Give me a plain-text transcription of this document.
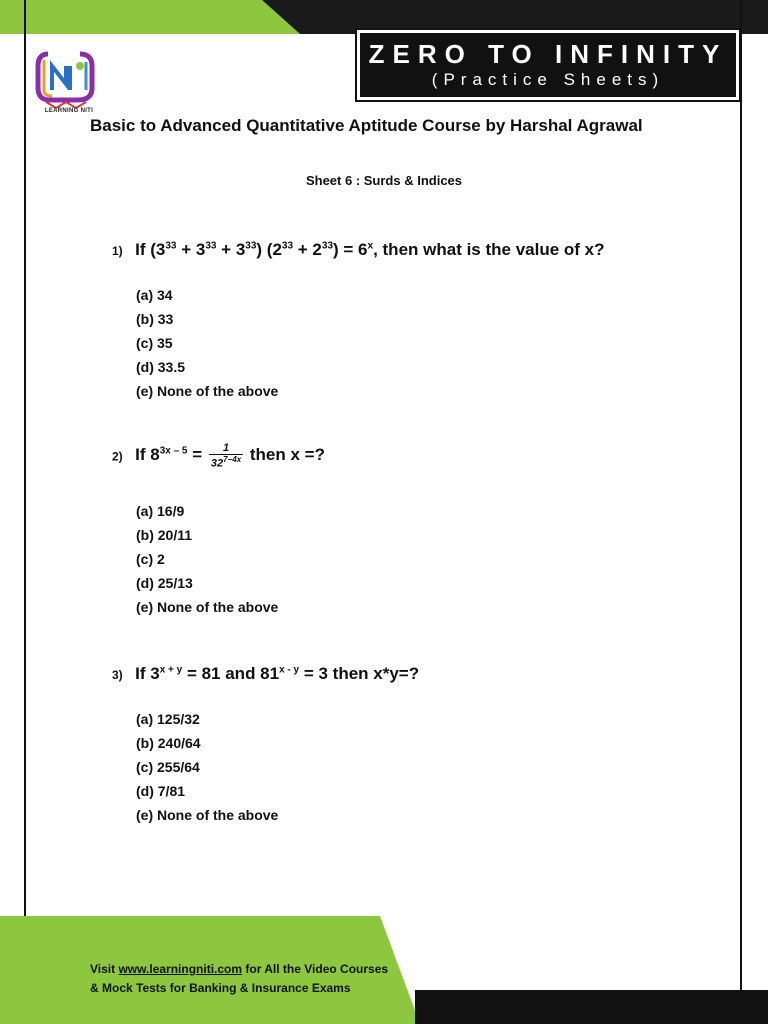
LEARNING NITI
ZERO TO INFINITY
(Practice Sheets)
Basic to Advanced Quantitative Aptitude Course by Harshal Agrawal
Sheet 6 : Surds & Indices
1) If $(3^{33} + 3^{33} + 3^{33}) (2^{33} + 2^{33}) = 6^x$, then what is the value of x?
(a) 34
(b) 33
(c) 35
(d) 33.5
(e) None of the above
2) If $8^{3x - 5} = \frac{1}{32^{7-4x}}$ then x =?
(a) 16/9
(b) 20/11
(c) 2
(d) 25/13
(e) None of the above
3) If $3^{x + y} = 81$ and $81^{x - y} = 3$ then x*y=?
(a) 125/32
(b) 240/64
(c) 255/64
(d) 7/81
(e) None of the above
Visit www.learningniti.com for All the Video Courses
& Mock Tests for Banking & Insurance Exams
